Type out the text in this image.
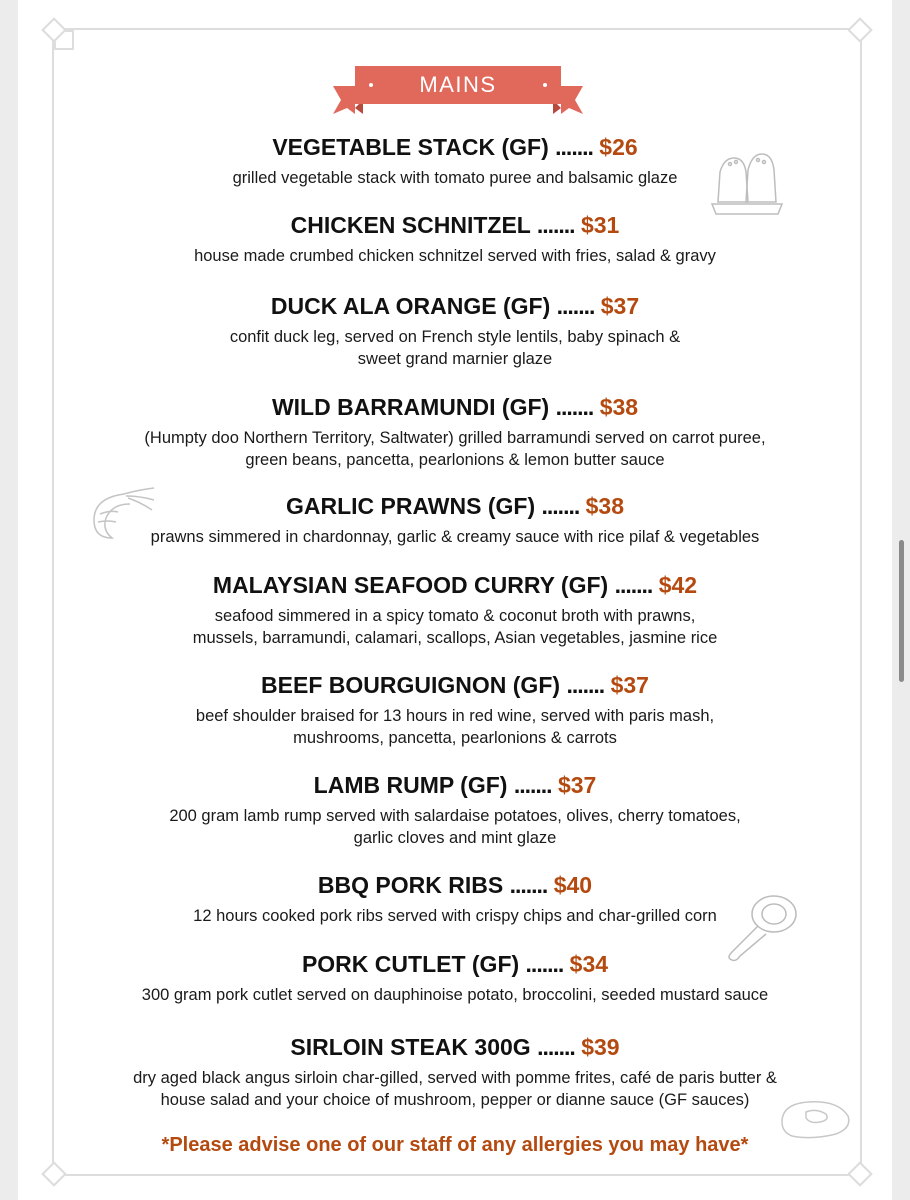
MAINS
VEGETABLE STACK (GF) ....... $26
grilled vegetable stack with tomato puree and balsamic glaze
CHICKEN SCHNITZEL ....... $31
house made crumbed chicken schnitzel served with fries, salad & gravy
DUCK ALA ORANGE (GF) ....... $37
confit duck leg, served on French style lentils, baby spinach &
sweet grand marnier glaze
WILD BARRAMUNDI (GF) ....... $38
(Humpty doo Northern Territory, Saltwater) grilled barramundi served on carrot puree,
green beans, pancetta, pearlonions & lemon butter sauce
GARLIC PRAWNS (GF) ....... $38
prawns simmered in chardonnay, garlic & creamy sauce with rice pilaf & vegetables
MALAYSIAN SEAFOOD CURRY (GF) ....... $42
seafood simmered in a spicy tomato & coconut broth with prawns,
mussels, barramundi, calamari, scallops, Asian vegetables, jasmine rice
BEEF BOURGUIGNON (GF) ....... $37
beef shoulder braised for 13 hours in red wine, served with paris mash,
mushrooms, pancetta, pearlonions & carrots
LAMB RUMP (GF) ....... $37
200 gram lamb rump served with salardaise potatoes, olives, cherry tomatoes,
garlic cloves and mint glaze
BBQ PORK RIBS ....... $40
12 hours cooked pork ribs served with crispy chips and char-grilled corn
PORK CUTLET (GF) ....... $34
300 gram pork cutlet served on dauphinoise potato, broccolini, seeded mustard sauce
SIRLOIN STEAK 300G ....... $39
dry aged black angus sirloin char-gilled, served with pomme frites, café de paris butter &
house salad and your choice of mushroom, pepper or dianne sauce (GF sauces)
*Please advise one of our staff of any allergies you may have*
